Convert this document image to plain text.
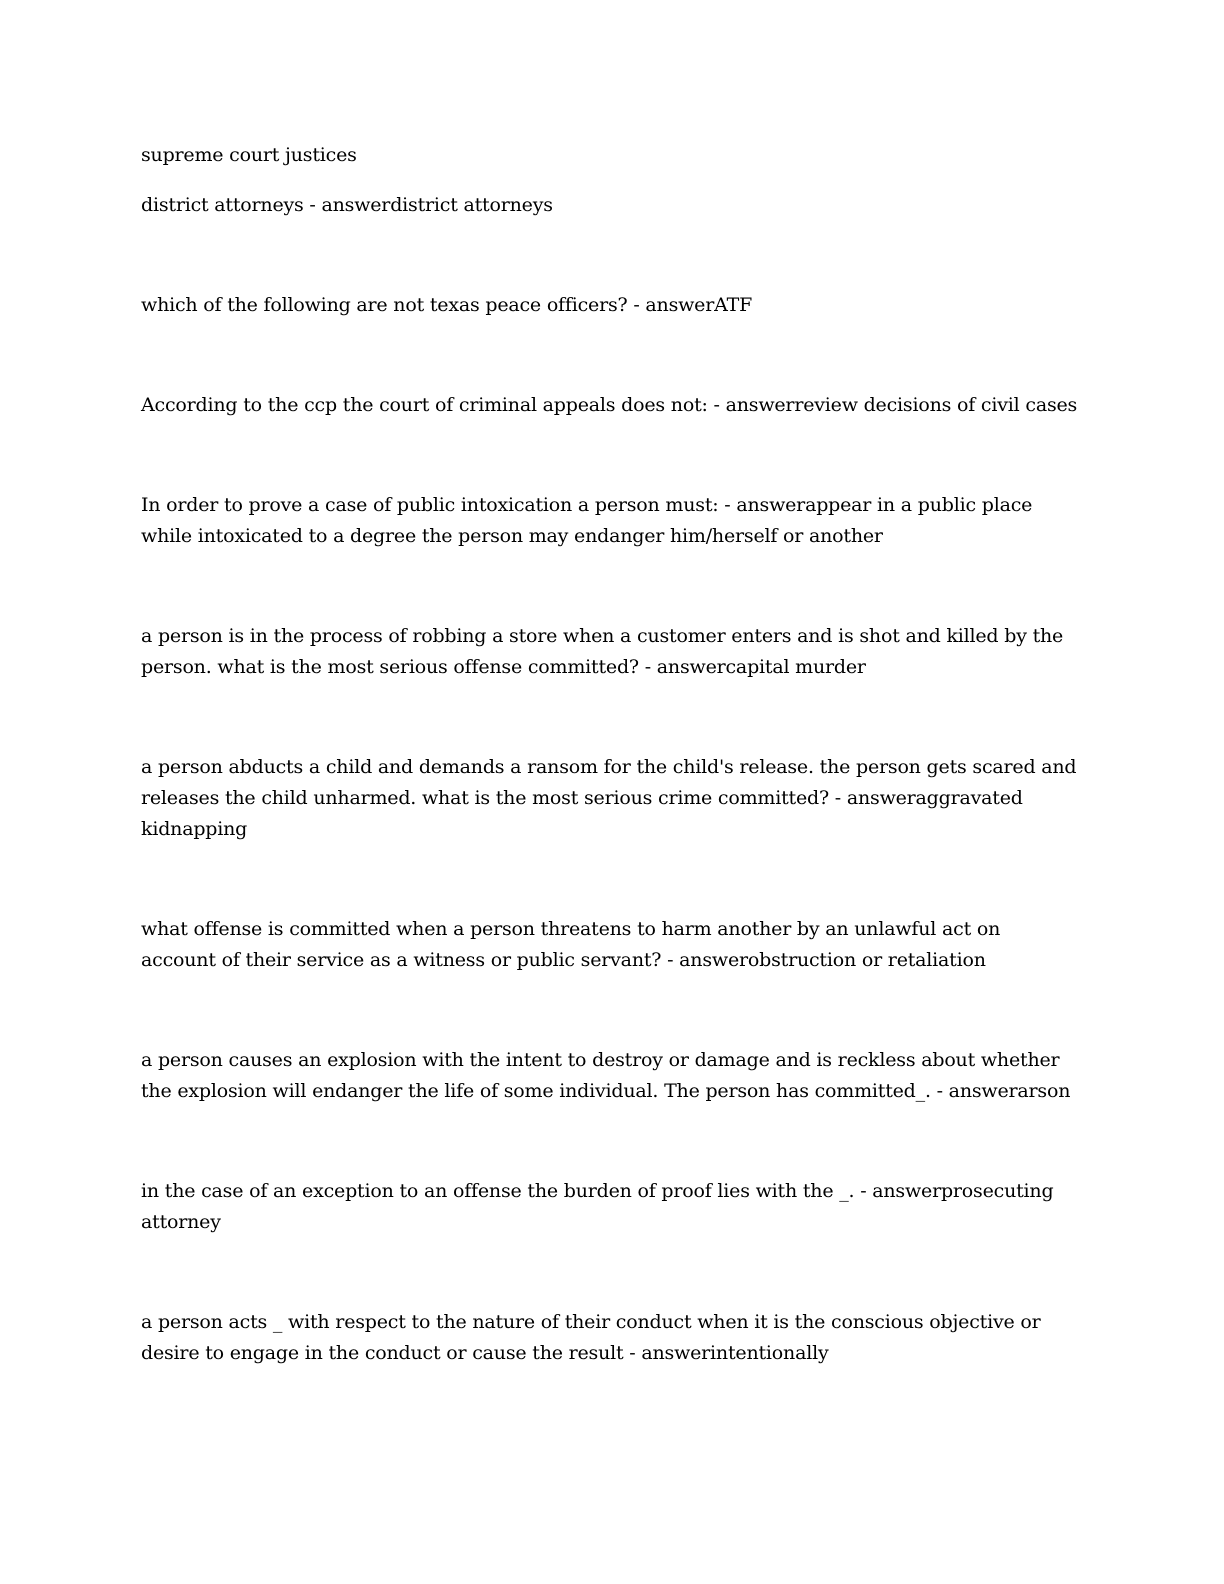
supreme court justices
district attorneys - answerdistrict attorneys
which of the following are not texas peace officers? - answerATF
According to the ccp the court of criminal appeals does not: - answerreview decisions of civil cases
In order to prove a case of public intoxication a person must: - answerappear in a public place
while intoxicated to a degree the person may endanger him/herself or another
a person is in the process of robbing a store when a customer enters and is shot and killed by the
person. what is the most serious offense committed? - answercapital murder
a person abducts a child and demands a ransom for the child's release. the person gets scared and
releases the child unharmed. what is the most serious crime committed? - answeraggravated
kidnapping
what offense is committed when a person threatens to harm another by an unlawful act on
account of their service as a witness or public servant? - answerobstruction or retaliation
a person causes an explosion with the intent to destroy or damage and is reckless about whether
the explosion will endanger the life of some individual. The person has committed_. - answerarson
in the case of an exception to an offense the burden of proof lies with the _. - answerprosecuting
attorney
a person acts _ with respect to the nature of their conduct when it is the conscious objective or
desire to engage in the conduct or cause the result - answerintentionally
